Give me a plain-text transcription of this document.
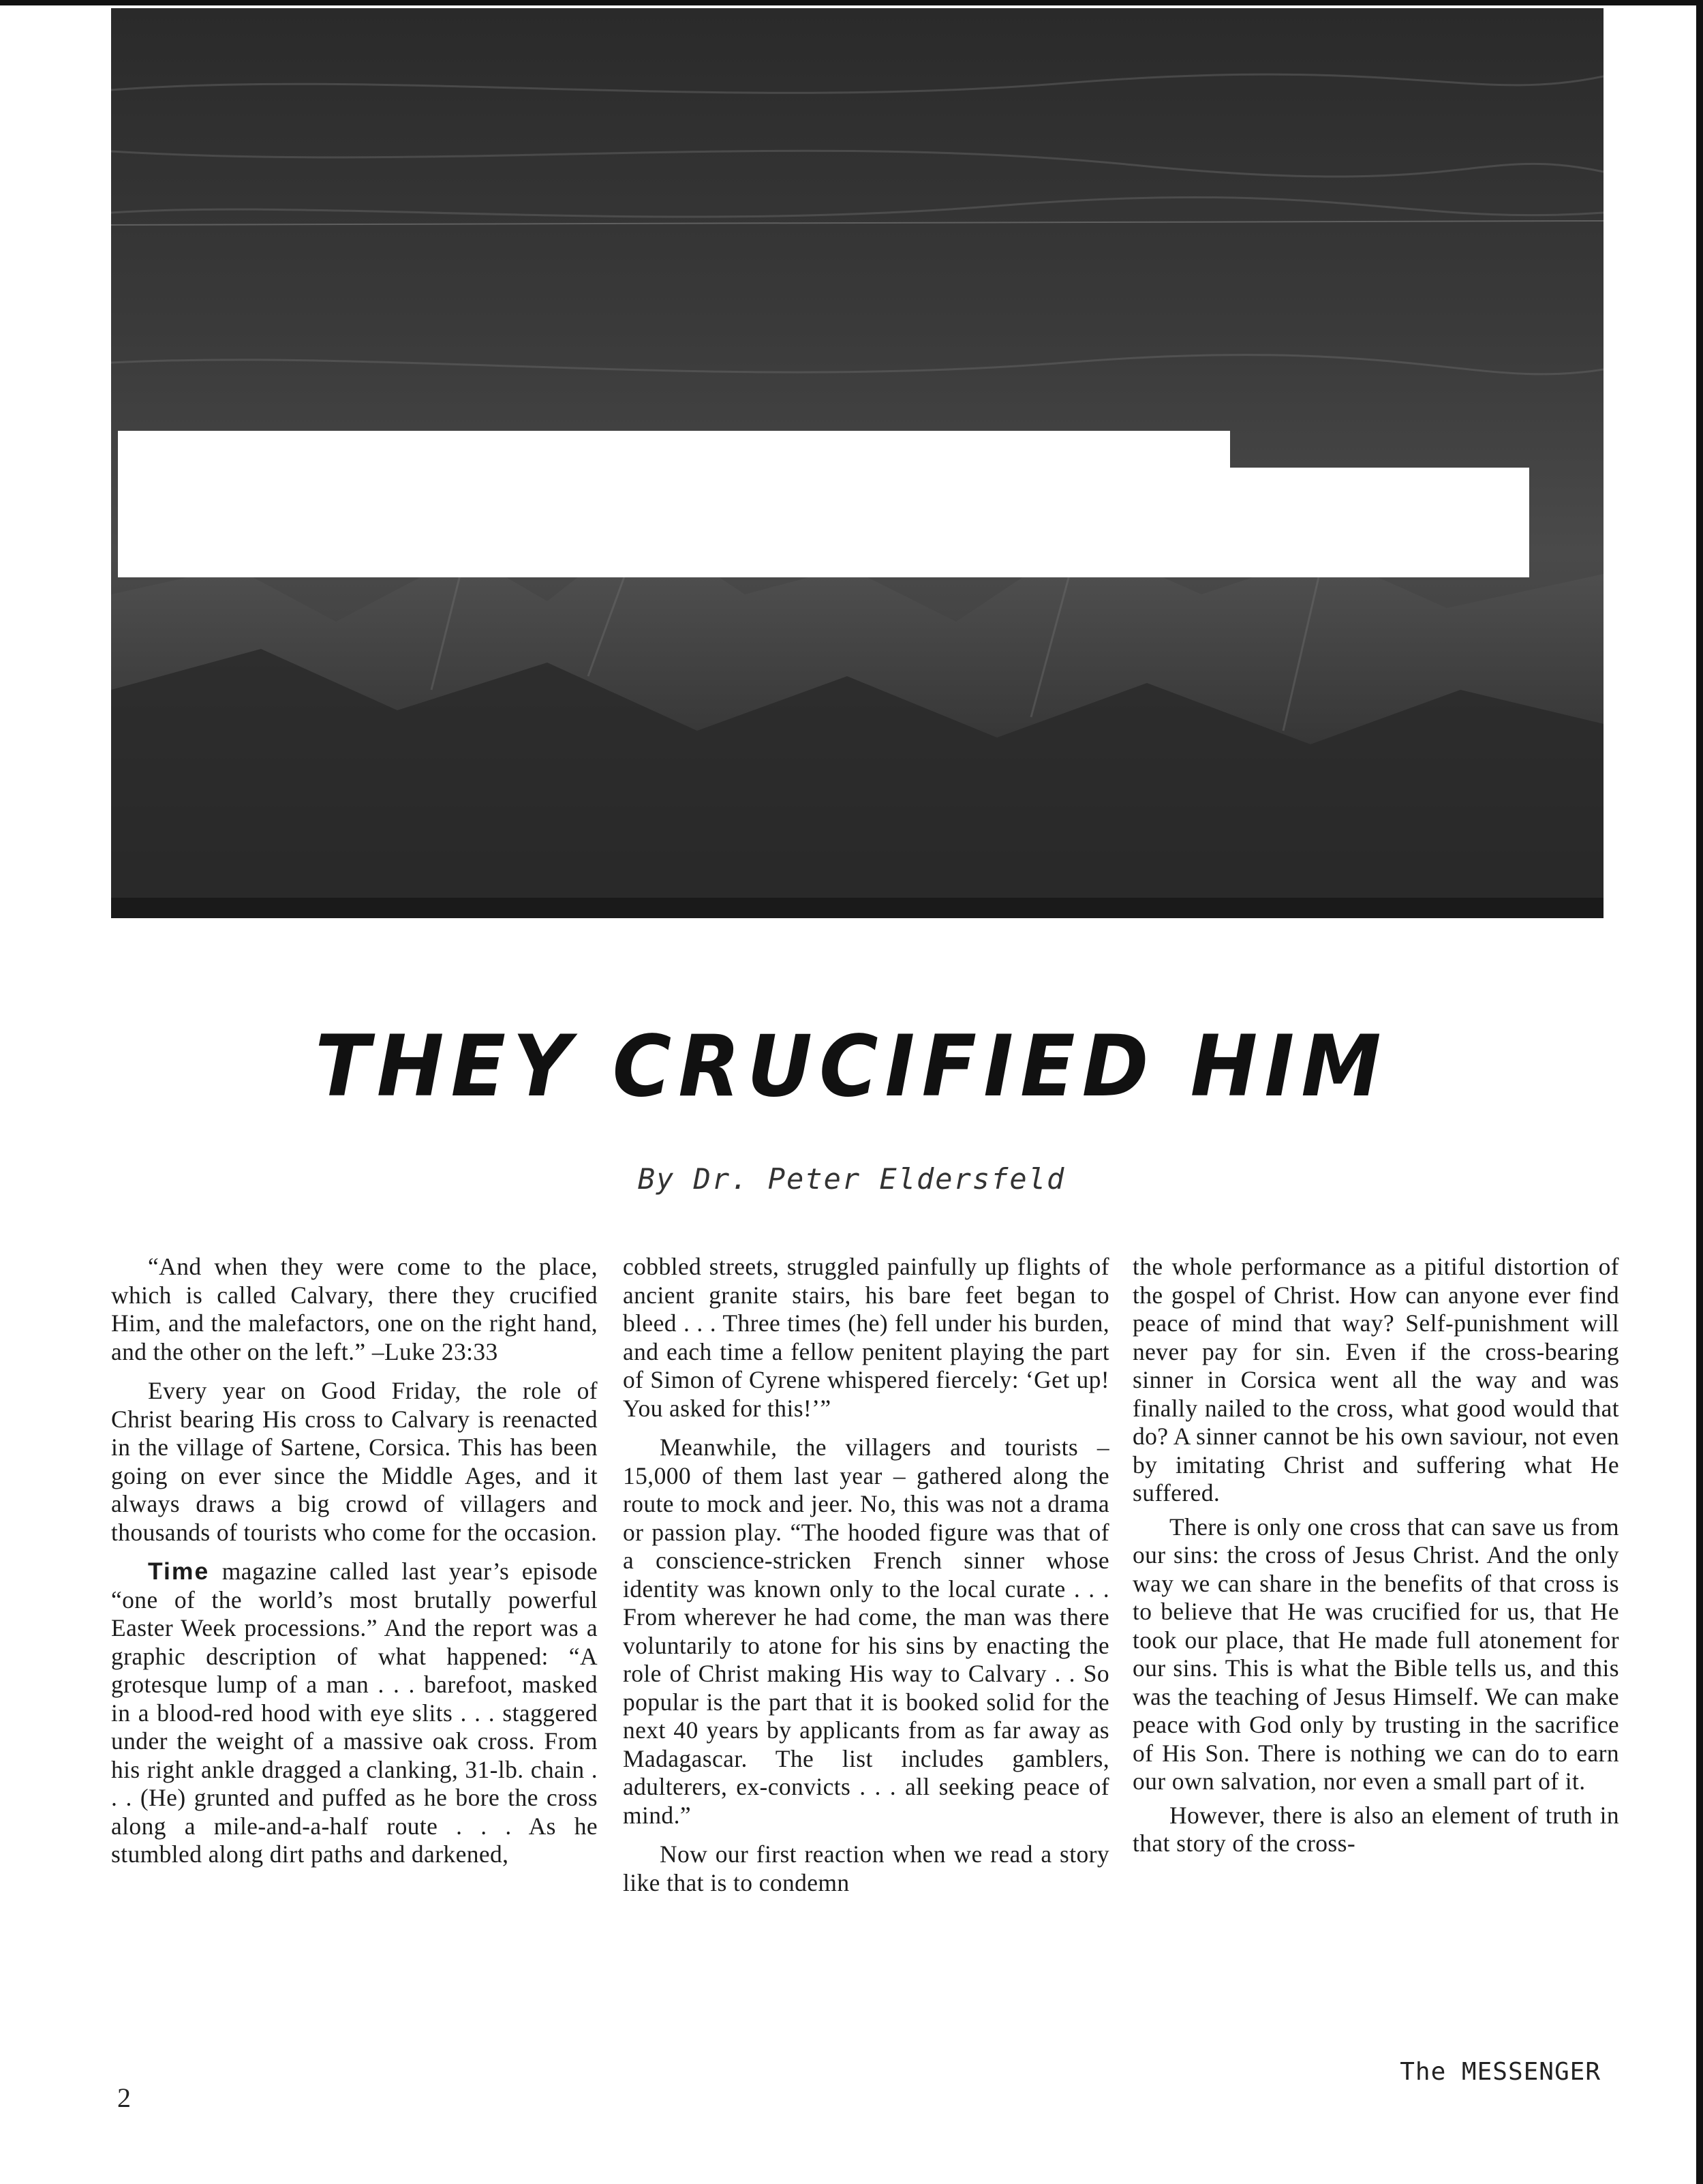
THEY CRUCIFIED HIM
By Dr. Peter Eldersfeld

“And when they were come to the place, which is called Calvary, there they crucified Him, and the malefactors, one on the right hand, and the other on the left.” –Luke 23:33

Every year on Good Friday, the role of Christ bearing His cross to Calvary is reenacted in the village of Sartene, Corsica. This has been going on ever since the Middle Ages, and it always draws a big crowd of villagers and thousands of tourists who come for the occasion.

Time magazine called last year’s episode “one of the world’s most brutally powerful Easter Week processions.” And the report was a graphic description of what happened: “A grotesque lump of a man . . . barefoot, masked in a blood-red hood with eye slits . . . staggered under the weight of a massive oak cross. From his right ankle dragged a clanking, 31-lb. chain . . . (He) grunted and puffed as he bore the cross along a mile-and-a-half route . . . As he stumbled along dirt paths and darkened,

cobbled streets, struggled painfully up flights of ancient granite stairs, his bare feet began to bleed . . . Three times (he) fell under his burden, and each time a fellow penitent playing the part of Simon of Cyrene whispered fiercely: ‘Get up! You asked for this!’”

Meanwhile, the villagers and tourists – 15,000 of them last year – gathered along the route to mock and jeer. No, this was not a drama or passion play. “The hooded figure was that of a conscience-stricken French sinner whose identity was known only to the local curate . . . From wherever he had come, the man was there voluntarily to atone for his sins by enacting the role of Christ making His way to Calvary . . So popular is the part that it is booked solid for the next 40 years by applicants from as far away as Madagascar. The list includes gamblers, adulterers, ex-convicts . . . all seeking peace of mind.”

Now our first reaction when we read a story like that is to condemn

the whole performance as a pitiful distortion of the gospel of Christ. How can anyone ever find peace of mind that way? Self-punishment will never pay for sin. Even if the cross-bearing sinner in Corsica went all the way and was finally nailed to the cross, what good would that do? A sinner cannot be his own saviour, not even by imitating Christ and suffering what He suffered.

There is only one cross that can save us from our sins: the cross of Jesus Christ. And the only way we can share in the benefits of that cross is to believe that He was crucified for us, that He took our place, that He made full atonement for our sins. This is what the Bible tells us, and this was the teaching of Jesus Himself. We can make peace with God only by trusting in the sacrifice of His Son. There is nothing we can do to earn our own salvation, nor even a small part of it.

However, there is also an element of truth in that story of the cross-

2
The MESSENGER
